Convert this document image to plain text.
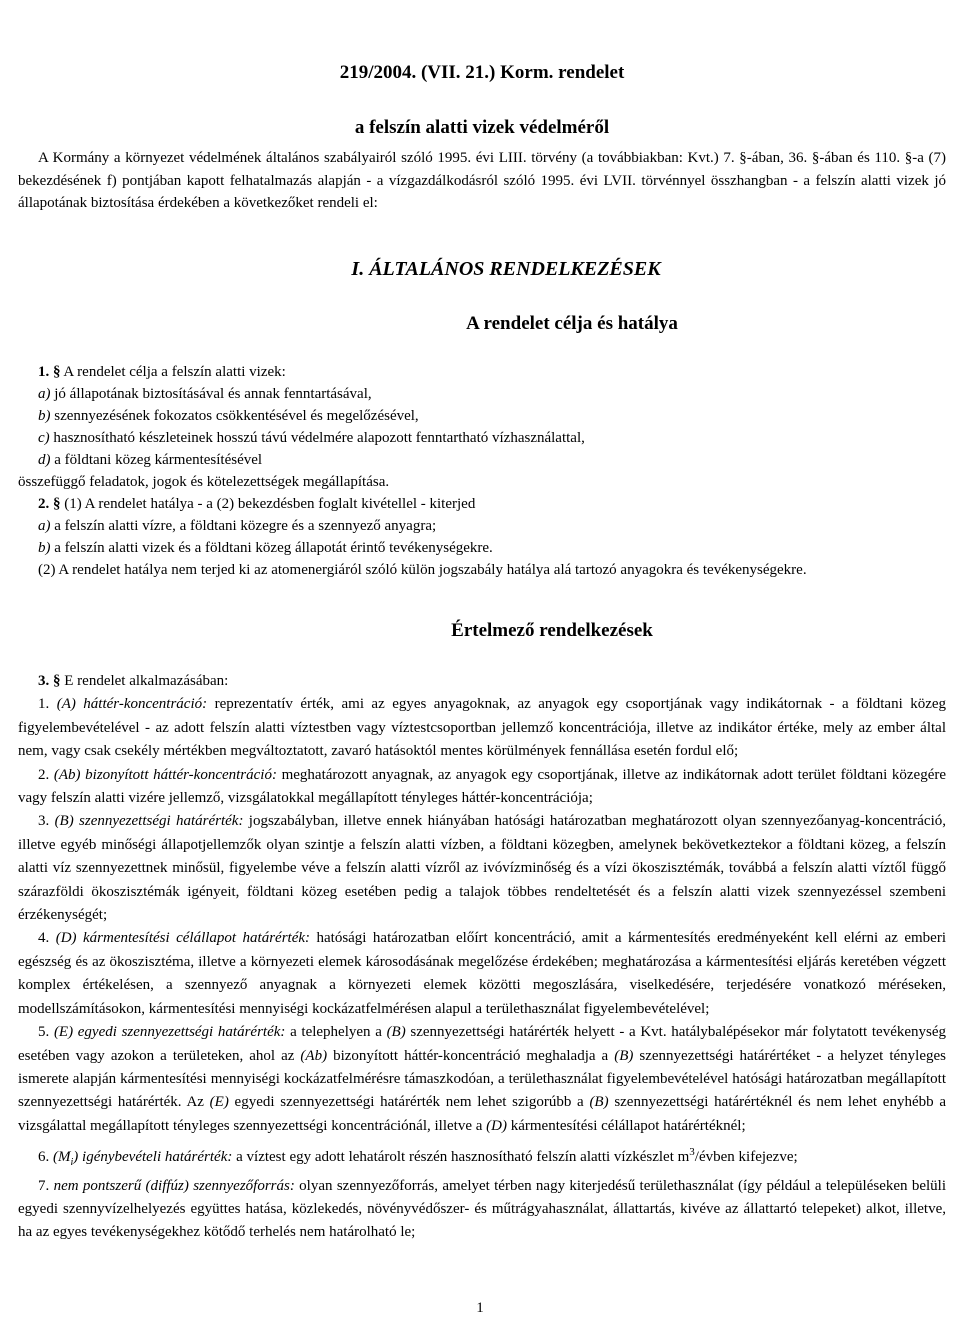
219/2004. (VII. 21.) Korm. rendelet
a felszín alatti vizek védelméről
A Kormány a környezet védelmének általános szabályairól szóló 1995. évi LIII. törvény (a továbbiakban: Kvt.) 7. §-ában, 36. §-ában és 110. §-a (7) bekezdésének f) pontjában kapott felhatalmazás alapján - a vízgazdálkodásról szóló 1995. évi LVII. törvénnyel összhangban - a felszín alatti vizek jó állapotának biztosítása érdekében a következőket rendeli el:
I. ÁLTALÁNOS RENDELKEZÉSEK
A rendelet célja és hatálya

1. § A rendelet célja a felszín alatti vizek:

a) jó állapotának biztosításával és annak fenntartásával,

b) szennyezésének fokozatos csökkentésével és megelőzésével,

c) hasznosítható készleteinek hosszú távú védelmére alapozott fenntartható vízhasználattal,

d) a földtani közeg kármentesítésével

összefüggő feladatok, jogok és kötelezettségek megállapítása.

2. § (1) A rendelet hatálya - a (2) bekezdésben foglalt kivétellel - kiterjed

a) a felszín alatti vízre, a földtani közegre és a szennyező anyagra;

b) a felszín alatti vizek és a földtani közeg állapotát érintő tevékenységekre.

(2) A rendelet hatálya nem terjed ki az atomenergiáról szóló külön jogszabály hatálya alá tartozó anyagokra és tevékenységekre.

Értelmező rendelkezések

3. § E rendelet alkalmazásában:

1. (A) háttér-koncentráció: reprezentatív érték, ami az egyes anyagoknak, az anyagok egy csoportjának vagy indikátornak - a földtani közeg figyelembevételével - az adott felszín alatti víztestben vagy víztestcsoportban jellemző koncentrációja, illetve az indikátor értéke, mely az ember által nem, vagy csak csekély mértékben megváltoztatott, zavaró hatásoktól mentes körülmények fennállása esetén fordul elő;

2. (Ab) bizonyított háttér-koncentráció: meghatározott anyagnak, az anyagok egy csoportjának, illetve az indikátornak adott terület földtani közegére vagy felszín alatti vizére jellemző, vizsgálatokkal megállapított tényleges háttér-koncentrációja;

3. (B) szennyezettségi határérték: jogszabályban, illetve ennek hiányában hatósági határozatban meghatározott olyan szennyezőanyag-koncentráció, illetve egyéb minőségi állapotjellemzők olyan szintje a felszín alatti vízben, a földtani közegben, amelynek bekövetkeztekor a földtani közeg, a felszín alatti víz szennyezettnek minősül, figyelembe véve a felszín alatti vízről az ivóvízminőség és a vízi ökoszisztémák, továbbá a felszín alatti víztől függő szárazföldi ökoszisztémák igényeit, földtani közeg esetében pedig a talajok többes rendeltetését és a felszín alatti vizek szennyezéssel szembeni érzékenységét;

4. (D) kármentesítési célállapot határérték: hatósági határozatban előírt koncentráció, amit a kármentesítés eredményeként kell elérni az emberi egészség és az ökoszisztéma, illetve a környezeti elemek károsodásának megelőzése érdekében; meghatározása a kármentesítési eljárás keretében végzett komplex értékelésen, a szennyező anyagnak a környezeti elemek közötti megoszlására, viselkedésére, terjedésére vonatkozó méréseken, modellszámításokon, kármentesítési mennyiségi kockázatfelmérésen alapul a területhasználat figyelembevételével;

5. (E) egyedi szennyezettségi határérték: a telephelyen a (B) szennyezettségi határérték helyett - a Kvt. hatálybalépésekor már folytatott tevékenység esetében vagy azokon a területeken, ahol az (Ab) bizonyított háttér-koncentráció meghaladja a (B) szennyezettségi határértéket - a helyzet tényleges ismerete alapján kármentesítési mennyiségi kockázatfelmérésre támaszkodóan, a területhasználat figyelembevételével hatósági határozatban megállapított szennyezettségi határérték. Az (E) egyedi szennyezettségi határérték nem lehet szigorúbb a (B) szennyezettségi határértéknél és nem lehet enyhébb a vizsgálattal megállapított tényleges szennyezettségi koncentrációnál, illetve a (D) kármentesítési célállapot határértéknél;

6. $(M_i)$ igénybevételi határérték: a víztest egy adott lehatárolt részén hasznosítható felszín alatti vízkészlet $m^3$/évben kifejezve;

7. nem pontszerű (diffúz) szennyezőforrás: olyan szennyezőforrás, amelyet térben nagy kiterjedésű területhasználat (így például a településeken belüli egyedi szennyvízelhelyezés együttes hatása, közlekedés, növényvédőszer- és műtrágyahasználat, állattartás, kivéve az állattartó telepeket) alkot, illetve, ha az egyes tevékenységekhez kötődő terhelés nem határolható le;

1
